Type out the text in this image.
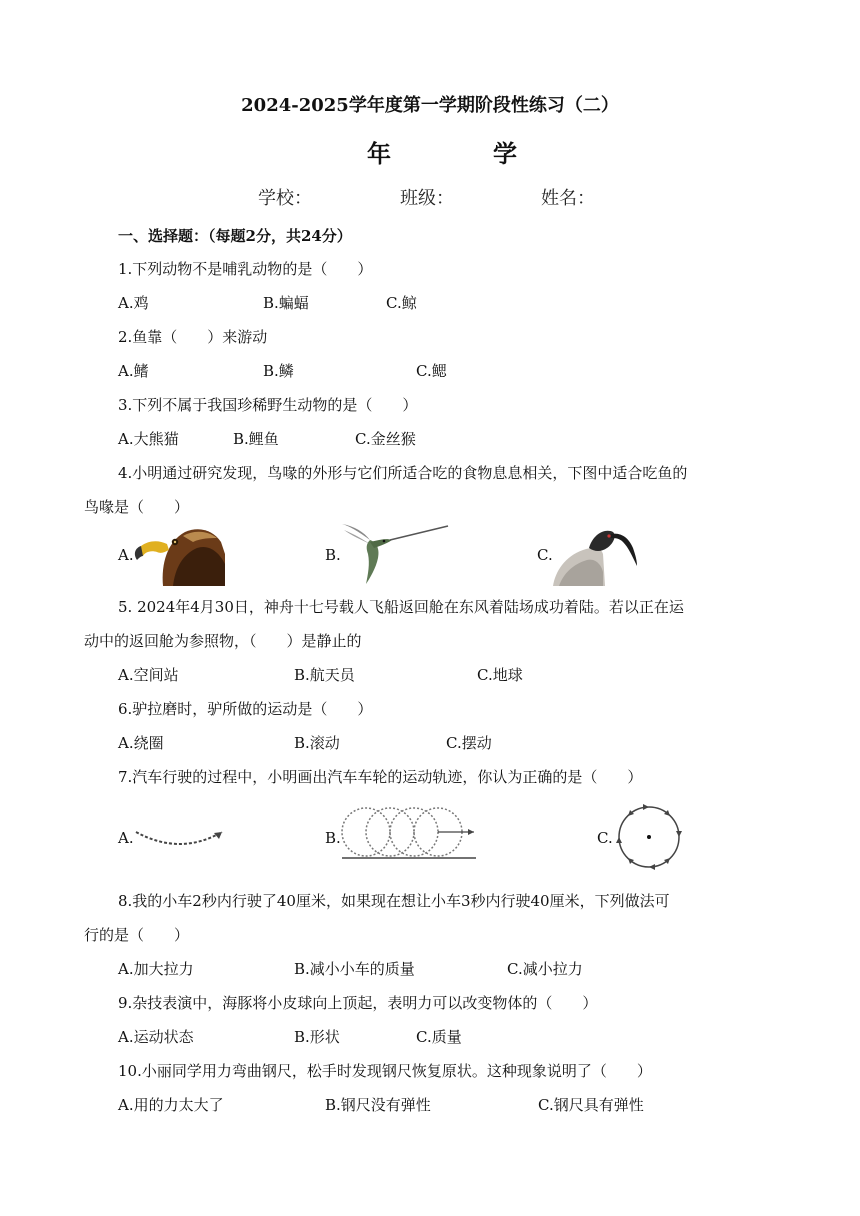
2024-2025学年度第一学期阶段性练习（二）
年	学
学校：	班级：	姓名：
一、选择题：（每题2分，共24分）
1.下列动物不是哺乳动物的是（　　）
A.鸡	B.蝙蝠	C.鲸
2.鱼靠（　　）来游动
A.鳍	B.鳞	C.鳃
3.下列不属于我国珍稀野生动物的是（　　）
A.大熊猫	B.鲤鱼	C.金丝猴
4.小明通过研究发现，鸟喙的外形与它们所适合吃的食物息息相关，下图中适合吃鱼的
鸟喙是（　　）
A.	B.	C.
5. 2024年4月30日，神舟十七号载人飞船返回舱在东风着陆场成功着陆。若以正在运
动中的返回舱为参照物，（　　）是静止的
A.空间站	B.航天员	C.地球
6.驴拉磨时，驴所做的运动是（　　）
A.绕圈	B.滚动	C.摆动
7.汽车行驶的过程中，小明画出汽车车轮的运动轨迹，你认为正确的是（　　）
A.	B.	C.
8.我的小车2秒内行驶了40厘米，如果现在想让小车3秒内行驶40厘米，下列做法可
行的是（　　）
A.加大拉力	B.减小小车的质量	C.减小拉力
9.杂技表演中，海豚将小皮球向上顶起，表明力可以改变物体的（　　）
A.运动状态	B.形状	C.质量
10.小丽同学用力弯曲钢尺，松手时发现钢尺恢复原状。这种现象说明了（　　）
A.用的力太大了	B.钢尺没有弹性	C.钢尺具有弹性
